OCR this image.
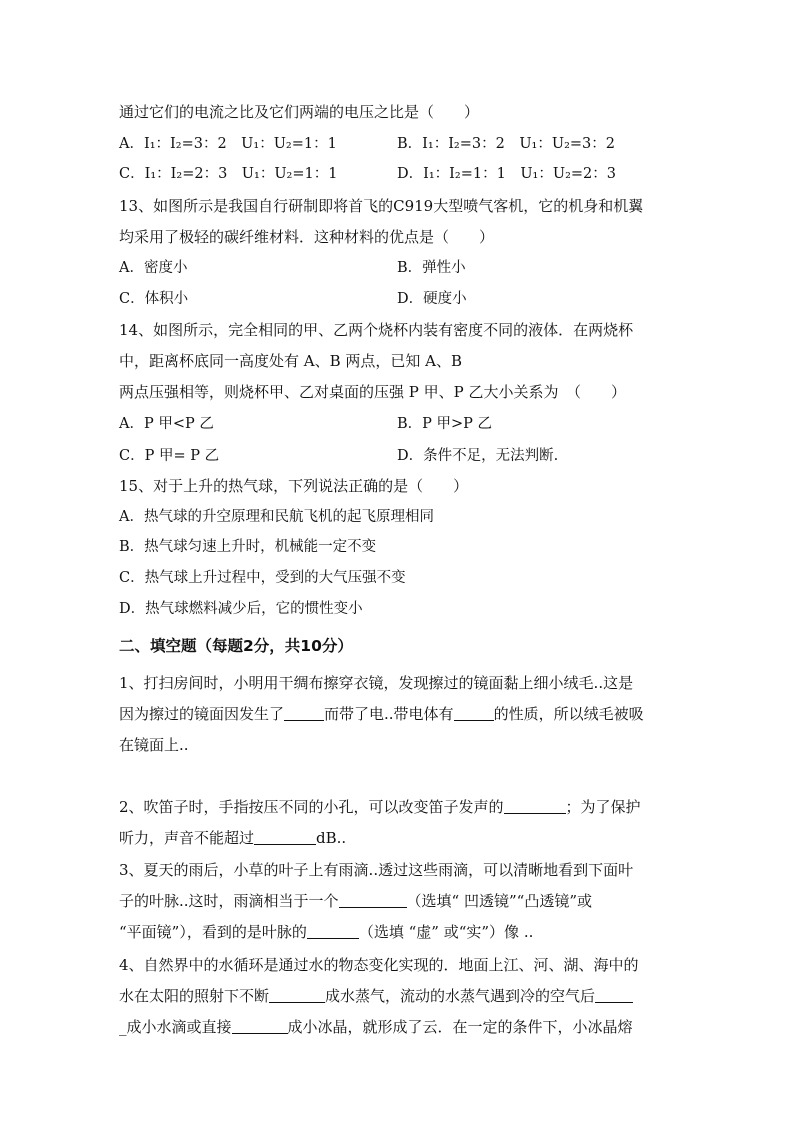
通过它们的电流之比及它们两端的电压之比是（　　）
A．I₁：I₂=3：2　U₁：U₂=1：1	B．I₁：I₂=3：2　U₁：U₂=3：2
C．I₁：I₂=2：3　U₁：U₂=1：1	D．I₁：I₂=1：1　U₁：U₂=2：3
13、如图所示是我国自行研制即将首飞的C919大型喷气客机，它的机身和机翼
均采用了极轻的碳纤维材料．这种材料的优点是（　　）
A．密度小	B．弹性小
C．体积小	D．硬度小
14、如图所示，完全相同的甲、乙两个烧杯内装有密度不同的液体．在两烧杯
中，距离杯底同一高度处有 A、B 两点，已知 A、B
两点压强相等，则烧杯甲、乙对桌面的压强 P 甲、P 乙大小关系为　（　　）
A．P 甲<P 乙	B．P 甲>P 乙
C．P 甲= P 乙	D．条件不足，无法判断.
15、对于上升的热气球，下列说法正确的是（　　）
A．热气球的升空原理和民航飞机的起飞原理相同
B．热气球匀速上升时，机械能一定不变
C．热气球上升过程中，受到的大气压强不变
D．热气球燃料减少后，它的惯性变小
二、填空题（每题2分，共10分）
1、打扫房间时，小明用干绸布擦穿衣镜，发现擦过的镜面黏上细小绒毛..这是
因为擦过的镜面因发生了	而带了电..带电体有	的性质，所以绒毛被吸
在镜面上..
2、吹笛子时，手指按压不同的小孔，可以改变笛子发声的	；为了保护
听力，声音不能超过	dB..
3、夏天的雨后，小草的叶子上有雨滴..透过这些雨滴，可以清晰地看到下面叶
子的叶脉..这时，雨滴相当于一个	（选填“ 凹透镜”“凸透镜”或
“平面镜”），看到的是叶脉的	（选填 “虚” 或“实”）像 ..
4、自然界中的水循环是通过水的物态变化实现的．地面上江、河、湖、海中的
水在太阳的照射下不断	成水蒸气，流动的水蒸气遇到冷的空气后
_成小水滴或直接	成小冰晶，就形成了云．在一定的条件下，小冰晶熔
